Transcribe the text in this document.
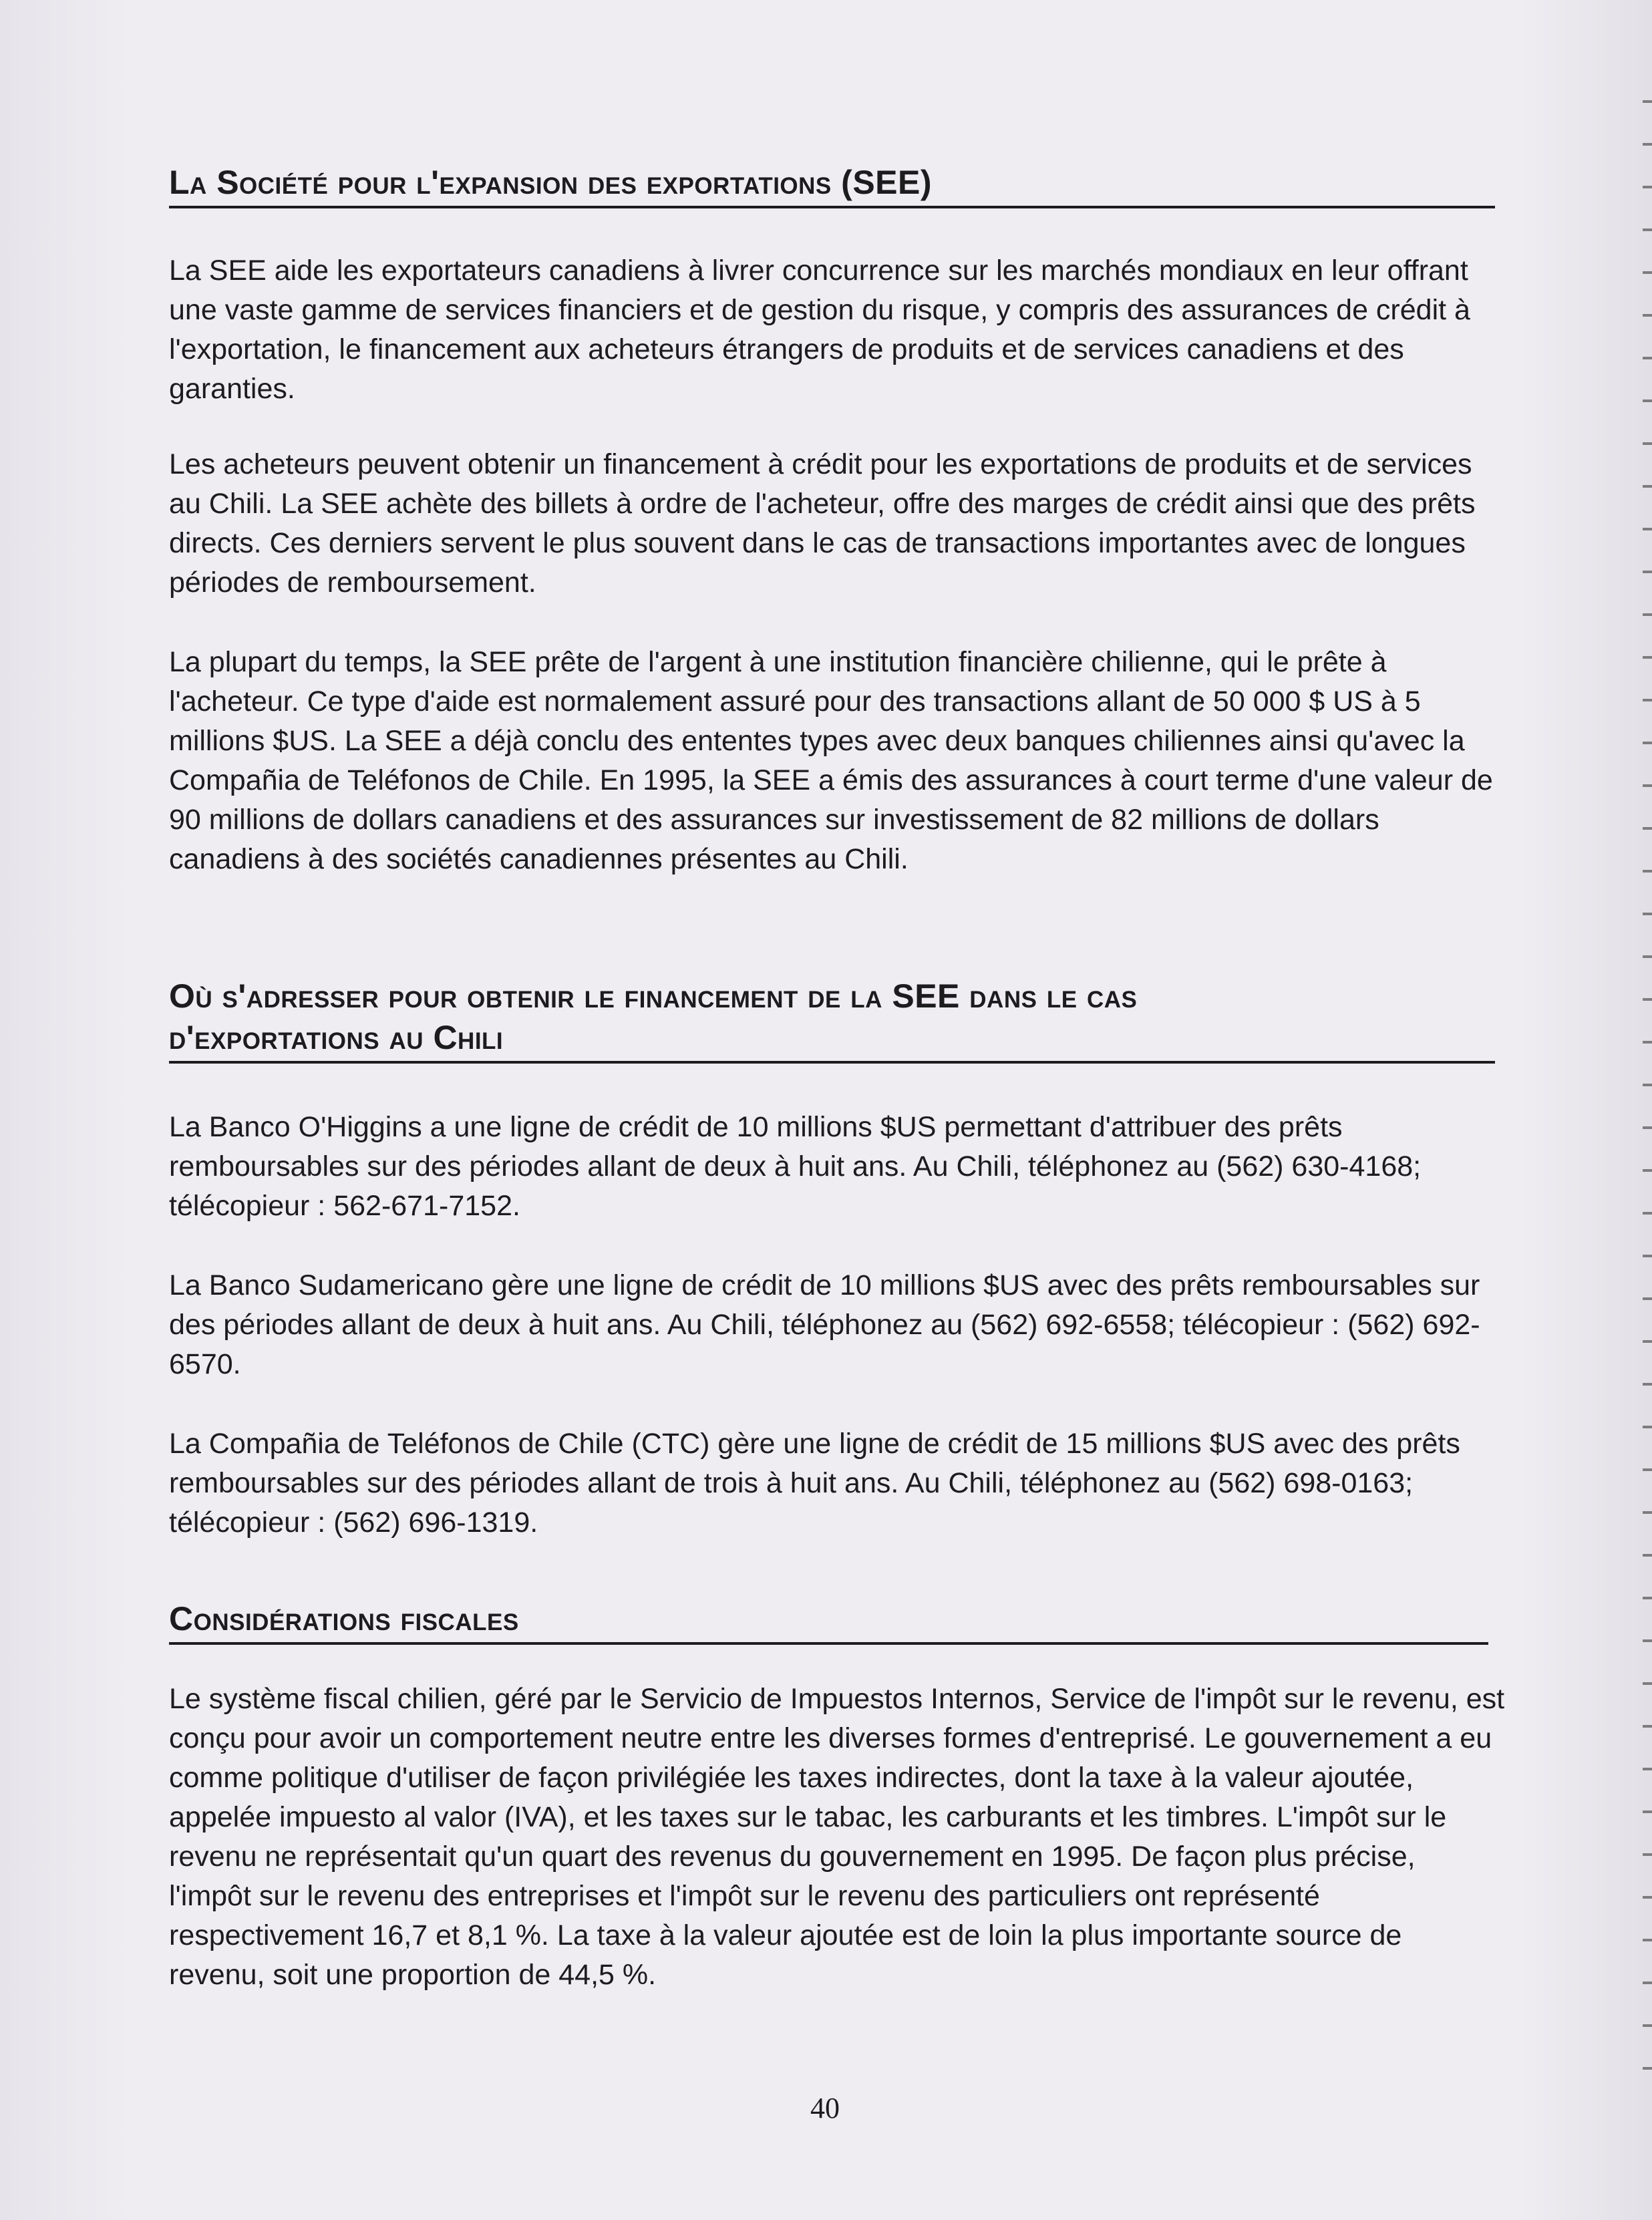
La Société pour l'expansion des exportations (SEE)

La SEE aide les exportateurs canadiens à livrer concurrence sur les marchés mondiaux en leur offrant une vaste gamme de services financiers et de gestion du risque, y compris des assurances de crédit à l'exportation, le financement aux acheteurs étrangers de produits et de services canadiens et des garanties.

Les acheteurs peuvent obtenir un financement à crédit pour les exportations de produits et de services au Chili. La SEE achète des billets à ordre de l'acheteur, offre des marges de crédit ainsi que des prêts directs. Ces derniers servent le plus souvent dans le cas de transactions importantes avec de longues périodes de remboursement.

La plupart du temps, la SEE prête de l'argent à une institution financière chilienne, qui le prête à l'acheteur. Ce type d'aide est normalement assuré pour des transactions allant de 50 000 $ US à 5 millions $US. La SEE a déjà conclu des ententes types avec deux banques chiliennes ainsi qu'avec la Compañia de Teléfonos de Chile. En 1995, la SEE a émis des assurances à court terme d'une valeur de 90 millions de dollars canadiens et des assurances sur investissement de 82 millions de dollars canadiens à des sociétés canadiennes présentes au Chili.

Où s'adresser pour obtenir le financement de la SEE dans le cas d'exportations au Chili

La Banco O'Higgins a une ligne de crédit de 10 millions $US permettant d'attribuer des prêts remboursables sur des périodes allant de deux à huit ans. Au Chili, téléphonez au (562) 630-4168; télécopieur : 562-671-7152.

La Banco Sudamericano gère une ligne de crédit de 10 millions $US avec des prêts remboursables sur des périodes allant de deux à huit ans. Au Chili, téléphonez au (562) 692-6558; télécopieur : (562) 692-6570.

La Compañia de Teléfonos de Chile (CTC) gère une ligne de crédit de 15 millions $US avec des prêts remboursables sur des périodes allant de trois à huit ans. Au Chili, téléphonez au (562) 698-0163; télécopieur : (562) 696-1319.

Considérations fiscales

Le système fiscal chilien, géré par le Servicio de Impuestos Internos, Service de l'impôt sur le revenu, est conçu pour avoir un comportement neutre entre les diverses formes d'entreprisé. Le gouvernement a eu comme politique d'utiliser de façon privilégiée les taxes indirectes, dont la taxe à la valeur ajoutée, appelée impuesto al valor (IVA), et les taxes sur le tabac, les carburants et les timbres. L'impôt sur le revenu ne représentait qu'un quart des revenus du gouvernement en 1995. De façon plus précise, l'impôt sur le revenu des entreprises et l'impôt sur le revenu des particuliers ont représenté respectivement 16,7 et 8,1 %. La taxe à la valeur ajoutée est de loin la plus importante source de revenu, soit une proportion de 44,5 %.

40
